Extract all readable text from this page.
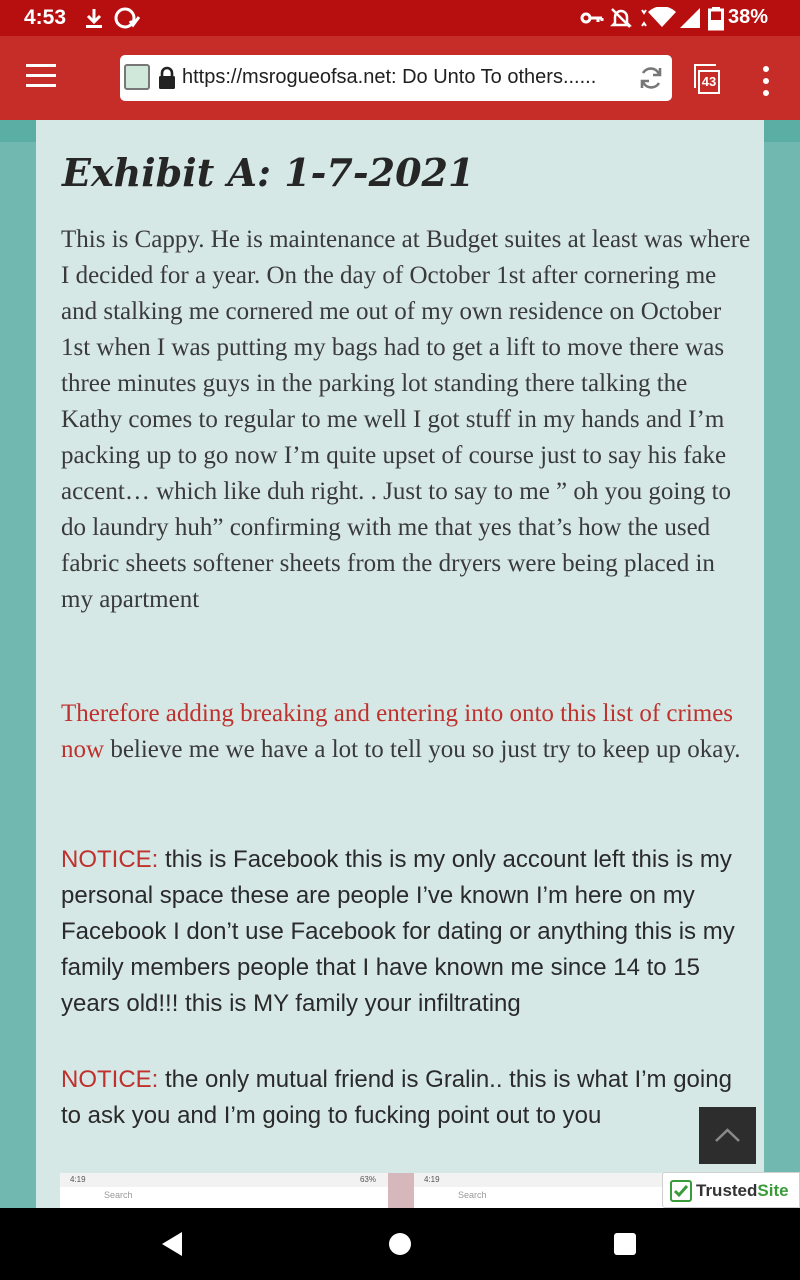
4:53	38%
https://msrogueofsa.net: Do Unto To others......	43
Exhibit A: 1-7-2021

This is Cappy. He is maintenance at Budget suites at least was where I decided for a year. On the day of October 1st after cornering me and stalking me cornered me out of my own residence on October 1st when I was putting my bags had to get a lift to move there was three minutes guys in the parking lot standing there talking the Kathy comes to regular to me well I got stuff in my hands and I’m packing up to go now I’m quite upset of course just to say his fake accent… which like duh right. . Just to say to me ” oh you going to do laundry huh” confirming with me that yes that’s how the used fabric sheets softener sheets from the dryers were being placed in my apartment

Therefore adding breaking and entering into onto this list of crimes now believe me we have a lot to tell you so just try to keep up okay.

NOTICE: this is Facebook this is my only account left this is my personal space these are people I’ve known I’m here on my Facebook I don’t use Facebook for dating or anything this is my family members people that I have known me since 14 to 15 years old!!! this is MY family your infiltrating

NOTICE: the only mutual friend is Gralin.. this is what I’m going to ask you and I’m going to fucking point out to you

4:19	63%
Search
4:19
Search	TrustedSite
